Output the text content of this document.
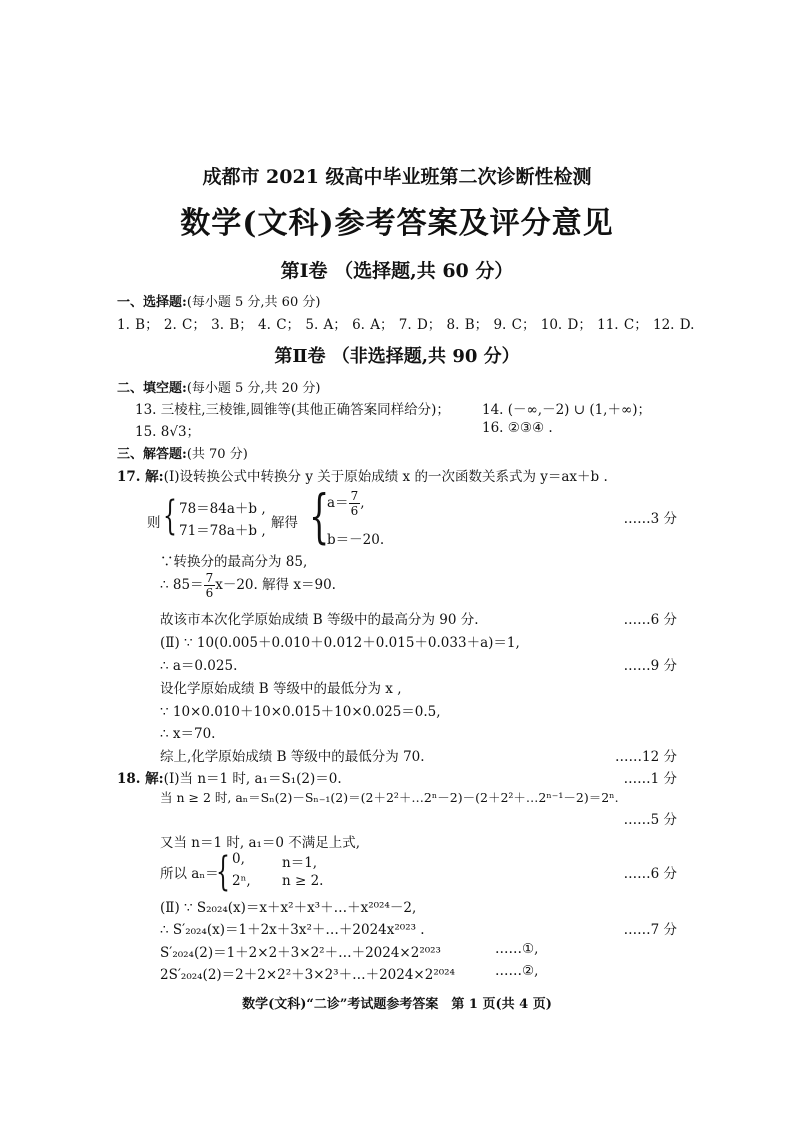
成都市 2021 级高中毕业班第二次诊断性检测
数学(文科)参考答案及评分意见
第Ⅰ卷 （选择题,共 60 分）
一、选择题:(每小题 5 分,共 60 分)
1. B； 2. C； 3. B； 4. C； 5. A； 6. A； 7. D； 8. B； 9. C； 10. D； 11. C； 12. D.
第Ⅱ卷 （非选择题,共 90 分）
二、填空题:(每小题 5 分,共 20 分)
13. 三棱柱,三棱锥,圆锥等(其他正确答案同样给分)； 14. (－∞,－2) ∪ (1,＋∞)；
15. 8√3；	16. ②③④ .
三、解答题:(共 70 分)
17. 解:(Ⅰ)设转换公式中转换分 y 关于原始成绩 x 的一次函数关系式为 y＝ax＋b .
则 { 78＝84a＋b ,
71＝78a＋b , 解得 {
$a= \frac{7}{6}$ ,
b＝－20.
……3 分
∵转换分的最高分为 85,
∴ $85= \frac{7}{6} x-20$. 解得 x＝90.
故该市本次化学原始成绩 B 等级中的最高分为 90 分.	……6 分
(Ⅱ) ∵ 10(0.005＋0.010＋0.012＋0.015＋0.033＋a)＝1,
∴ a＝0.025.	……9 分
设化学原始成绩 B 等级中的最低分为 x ,
∵ 10×0.010＋10×0.015＋10×0.025＝0.5,
∴ x＝70.
综上,化学原始成绩 B 等级中的最低分为 70.	……12 分
18. 解:(Ⅰ)当 n＝1 时, a₁＝S₁(2)＝0.	……1 分
当 n ≥ 2 时, aₙ＝Sₙ(2)－Sₙ₋₁(2)＝(2＋2²＋…2ⁿ－2)－(2＋2²＋…2ⁿ⁻¹－2)＝2ⁿ.
……5 分
又当 n＝1 时, a₁＝0 不满足上式,
所以 aₙ＝
{ 0,	n＝1,
2ⁿ, n ≥ 2.	……6 分
(Ⅱ) ∵ S₂₀₂₄(x)＝x＋x²＋x³＋…＋x²⁰²⁴－2,
∴ S′₂₀₂₄(x)＝1＋2x＋3x²＋…＋2024x²⁰²³ .	……7 分
S′₂₀₂₄(2)＝1＋2×2＋3×2²＋…＋2024×2²⁰²³	……①,
2S′₂₀₂₄(2)＝2＋2×2²＋3×2³＋…＋2024×2²⁰²⁴	……②,
数学(文科)“二诊”考试题参考答案　第 1 页(共 4 页)
